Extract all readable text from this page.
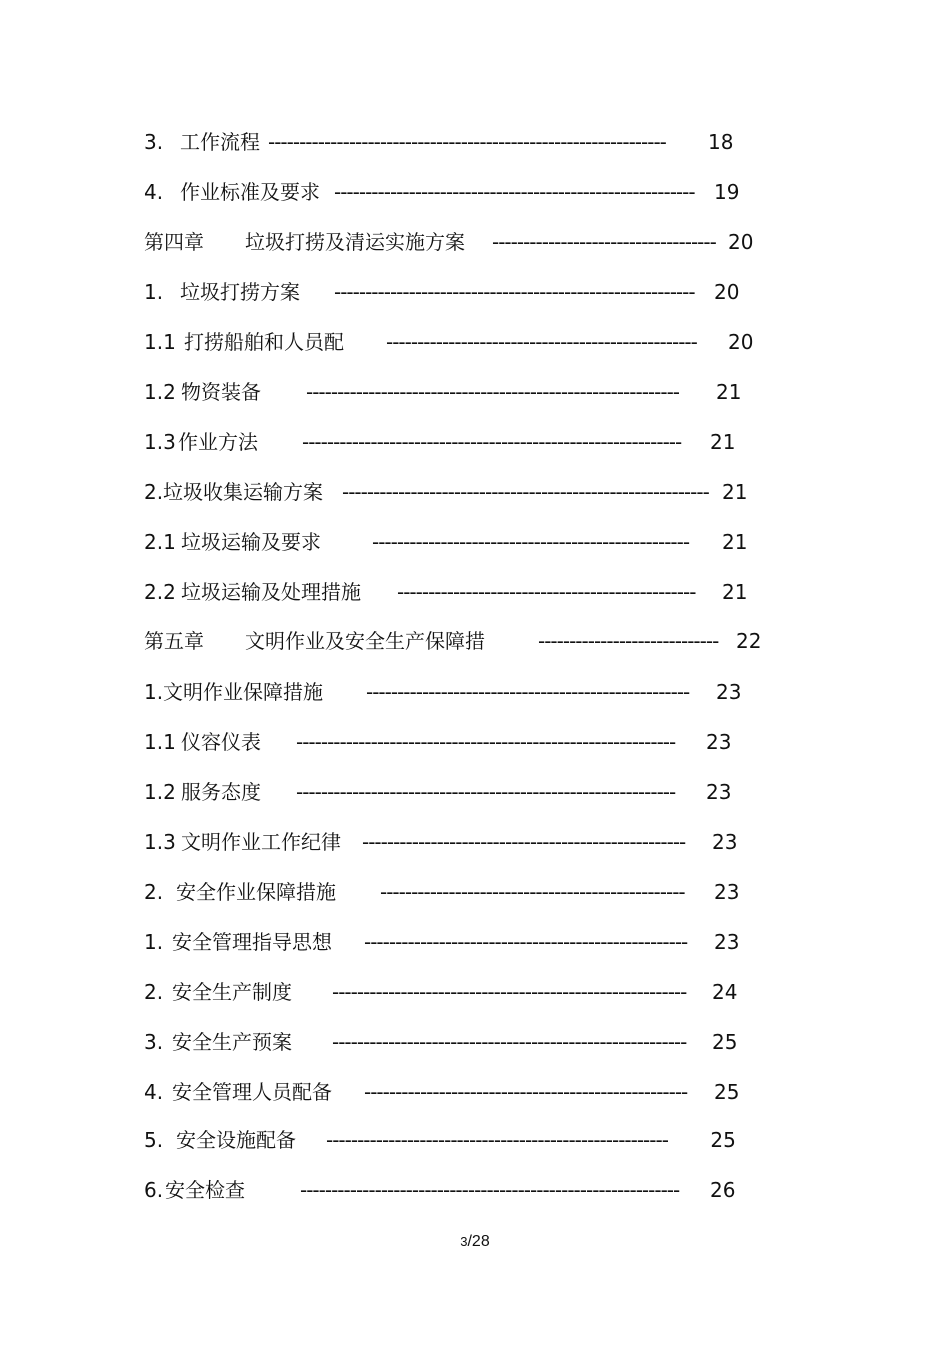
3. 工作流程 ----------------------------------------------------------------	18
4. 作业标准及要求 ---------------------------------------------------------- 19
第四章 垃圾打捞及清运实施方案 ------------------------------------ 20
1. 垃圾打捞方案 ---------------------------------------------------------- 20
1.1 打捞船舶和人员配 --------------------------------------------------	20
1.2 物资装备 ------------------------------------------------------------	21
1.3 作业方法 -------------------------------------------------------------	21
2. 垃圾收集运输方案 ----------------------------------------------------------- 21
2.1 垃圾运输及要求	---------------------------------------------------	21
2.2 垃圾运输及处理措施 ------------------------------------------------	21
第五章 文明作业及安全生产保障措	----------------------------- 22
1. 文明作业保障措施 ----------------------------------------------------	23
1.1 仪容仪表 -------------------------------------------------------------	23
1.2 服务态度 -------------------------------------------------------------	23
1.3 文明作业工作纪律 ----------------------------------------------------	23
2. 安全作业保障措施 -------------------------------------------------	23
1. 安全管理指导思想 ----------------------------------------------------	23
2. 安全生产制度 ---------------------------------------------------------	24
3. 安全生产预案 ---------------------------------------------------------	25
4. 安全管理人员配备 ----------------------------------------------------	25
5. 安全设施配备 -------------------------------------------------------	25
6. 安全检查	-------------------------------------------------------------	26
3/28
